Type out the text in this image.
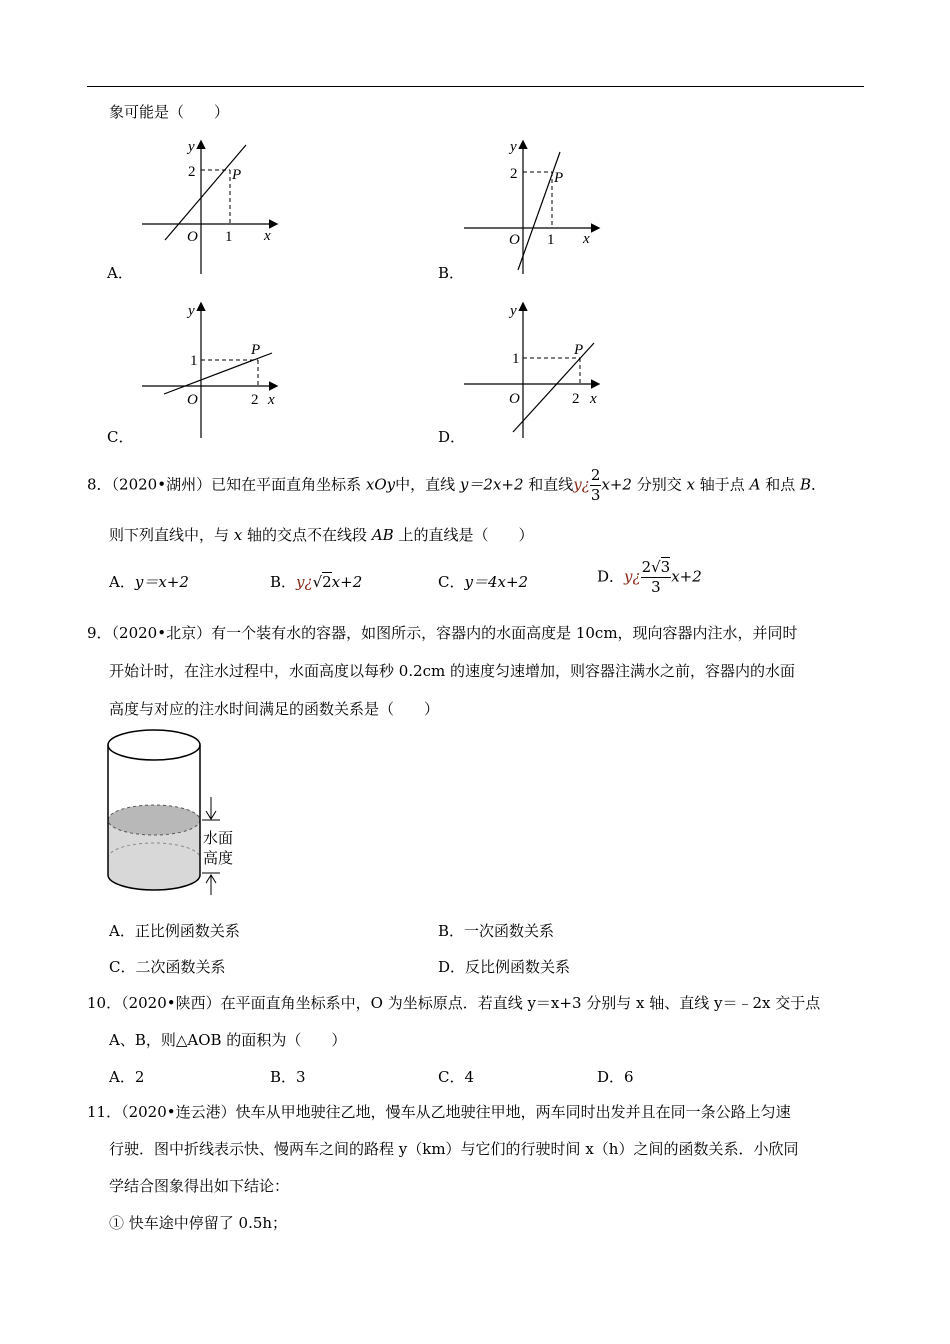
象可能是（　　）
A．
y
x
O
2
1
P
B．
y
x
O
2
1
P
C．
y
x
O
1
2
P
D．
y
x
O
1
2
P
8．（2020•湖州）已知在平面直角坐标系 xOy中，直线 y＝2x+2 和直线y¿ $\frac{2}{3} x+2$ 分别交 x 轴于点 A 和点 B．
则下列直线中，与 x 轴的交点不在线段 AB 上的直线是（　　）
A．y＝x+2	B．y¿√2x+2	C．y＝4x+2	D．y¿ $\frac{2√3}{3} x+2$
9．（2020•北京）有一个装有水的容器，如图所示，容器内的水面高度是 10cm，现向容器内注水，并同时
开始计时，在注水过程中，水面高度以每秒 0.2cm 的速度匀速增加，则容器注满水之前，容器内的水面
高度与对应的注水时间满足的函数关系是（　　）
水面
高度
A．正比例函数关系	B．一次函数关系
C．二次函数关系	D．反比例函数关系
10．（2020•陕西）在平面直角坐标系中，O 为坐标原点．若直线 y＝x+3 分别与 x 轴、直线 y＝﹣2x 交于点
A、B，则△AOB 的面积为（　　）
A．2	B．3	C．4	D．6
11．（2020•连云港）快车从甲地驶往乙地，慢车从乙地驶往甲地，两车同时出发并且在同一条公路上匀速
行驶．图中折线表示快、慢两车之间的路程 y（km）与它们的行驶时间 x（h）之间的函数关系．小欣同
学结合图象得出如下结论：
① 快车途中停留了 0.5h；
